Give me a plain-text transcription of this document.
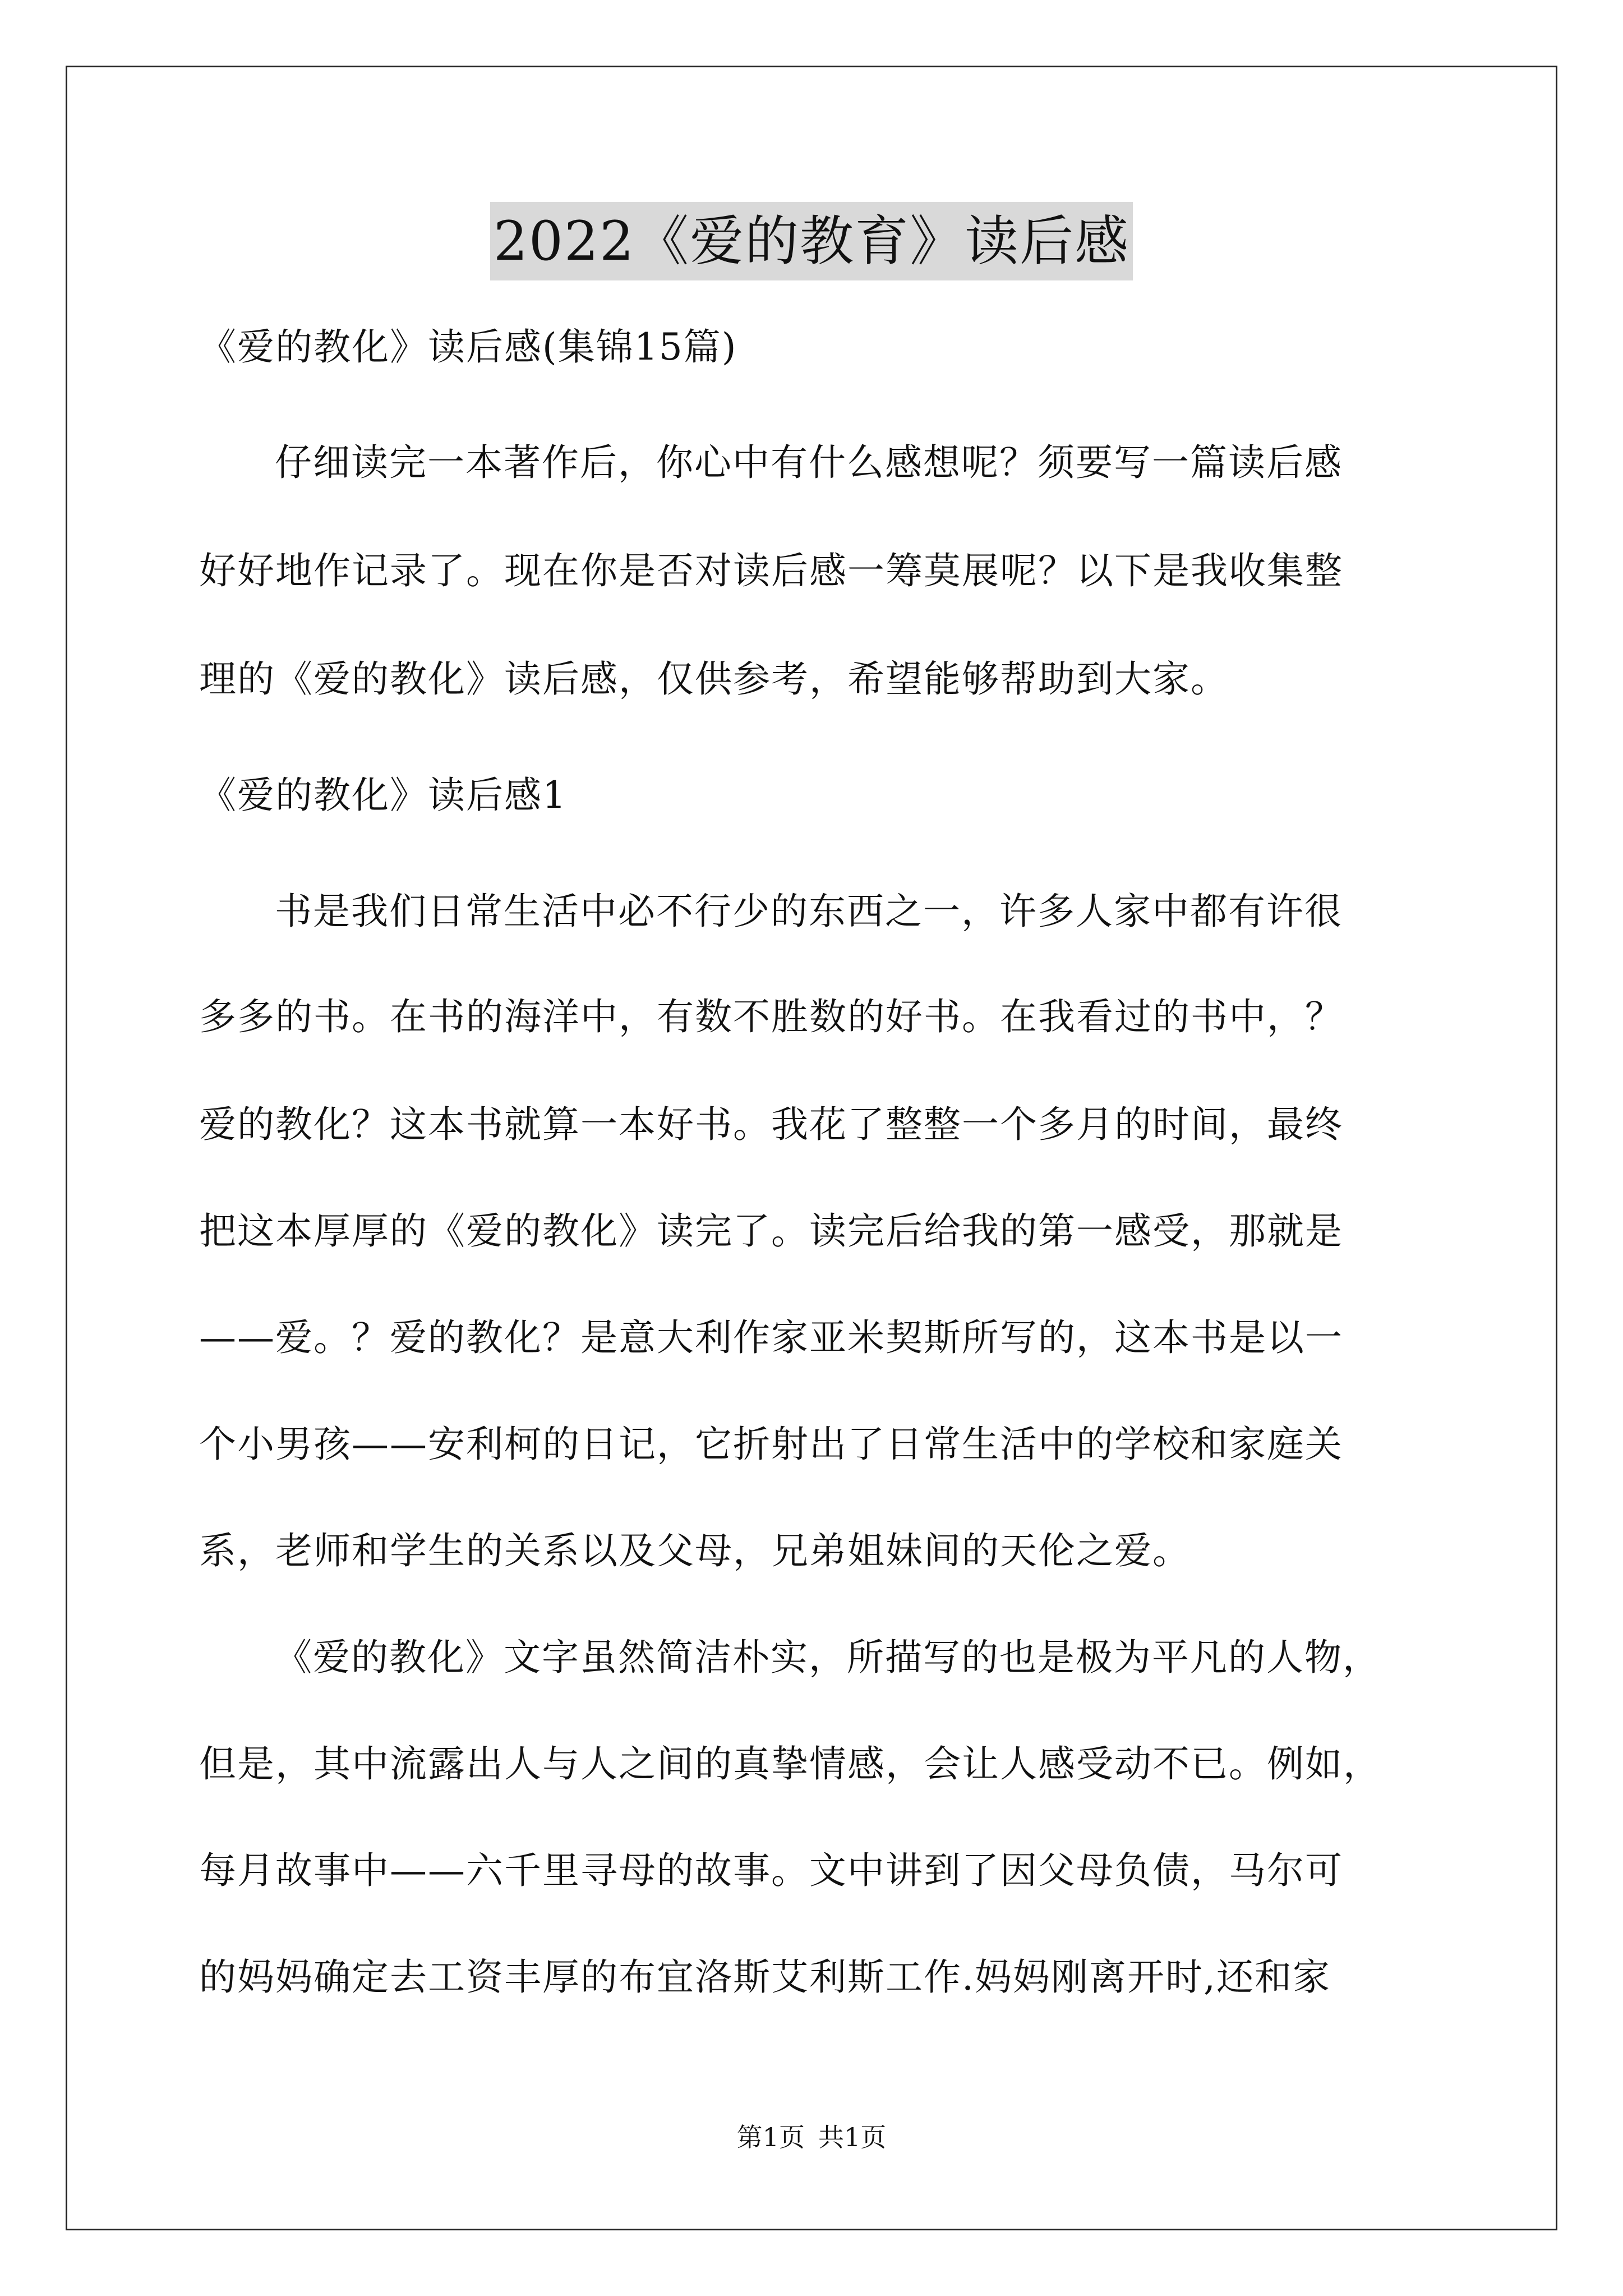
2022《爱的教育》读后感
《爱的教化》读后感(集锦15篇)
仔细读完一本著作后，你心中有什么感想呢？须要写一篇读后感
好好地作记录了。现在你是否对读后感一筹莫展呢？以下是我收集整
理的《爱的教化》读后感，仅供参考，希望能够帮助到大家。
《爱的教化》读后感1
书是我们日常生活中必不行少的东西之一，许多人家中都有许很
多多的书。在书的海洋中，有数不胜数的好书。在我看过的书中，？
爱的教化？这本书就算一本好书。我花了整整一个多月的时间，最终
把这本厚厚的《爱的教化》读完了。读完后给我的第一感受，那就是
——爱。？爱的教化？是意大利作家亚米契斯所写的，这本书是以一
个小男孩——安利柯的日记，它折射出了日常生活中的学校和家庭关
系，老师和学生的关系以及父母，兄弟姐妹间的天伦之爱。
《爱的教化》文字虽然简洁朴实，所描写的也是极为平凡的人物，
但是，其中流露出人与人之间的真挚情感，会让人感受动不已。例如，
每月故事中——六千里寻母的故事。文中讲到了因父母负债，马尔可
的妈妈确定去工资丰厚的布宜洛斯艾利斯工作.妈妈刚离开时,还和家
第1页 共1页
